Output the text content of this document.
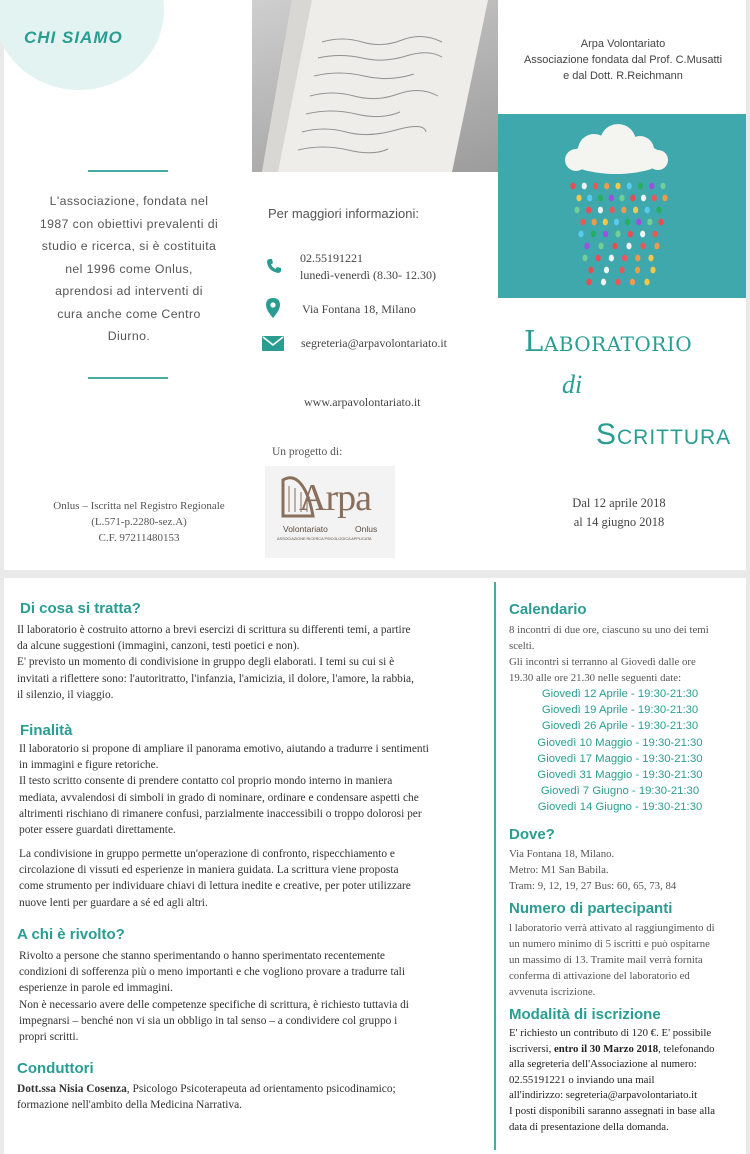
CHI SIAMO
L'associazione, fondata nel
1987 con obiettivi prevalenti di
studio e ricerca, si è costituita
nel 1996 come Onlus,
aprendosi ad interventi di
cura anche come Centro
Diurno.
Onlus – Iscritta nel Registro Regionale
(L.571-p.2280-sez.A)
C.F. 97211480153
Per maggiori informazioni:
02.55191221
lunedì-venerdì (8.30- 12.30)
Via Fontana 18, Milano
segreteria@arpavolontariato.it
www.arpavolontariato.it
Un progetto di:
Arpa
Volontariato	Onlus
ASSOCIAZIONE RICERCA PSICOLOGICA APPLICATA
Arpa Volontariato
Associazione fondata dal Prof. C.Musatti
e dal Dott. R.Reichmann
Laboratorio
di
Scrittura
Dal 12 aprile 2018
al 14 giugno 2018
Di cosa si tratta?

Il laboratorio è costruito attorno a brevi esercizi di scrittura su differenti temi, a partire

da alcune suggestioni (immagini, canzoni, testi poetici e non).

E' previsto un momento di condivisione in gruppo degli elaborati. I temi su cui si è

invitati a riflettere sono: l'autoritratto, l'infanzia, l'amicizia, il dolore, l'amore, la rabbia,

il silenzio, il viaggio.

Finalità

Il laboratorio si propone di ampliare il panorama emotivo, aiutando a tradurre i sentimenti

in immagini e figure retoriche.

Il testo scritto consente di prendere contatto col proprio mondo interno in maniera

mediata, avvalendosi di simboli in grado di nominare, ordinare e condensare aspetti che

altrimenti rischiano di rimanere confusi, parzialmente inaccessibili o troppo dolorosi per

poter essere guardati direttamente.

La condivisione in gruppo permette un'operazione di confronto, rispecchiamento e

circolazione di vissuti ed esperienze in maniera guidata. La scrittura viene proposta

come strumento per individuare chiavi di lettura inedite e creative, per poter utilizzare

nuove lenti per guardare a sé ed agli altri.

A chi è rivolto?

Rivolto a persone che stanno sperimentando o hanno sperimentato recentemente

condizioni di sofferenza più o meno importanti e che vogliono provare a tradurre tali

esperienze in parole ed immagini.

Non è necessario avere delle competenze specifiche di scrittura, è richiesto tuttavia di

impegnarsi – benché non vi sia un obbligo in tal senso – a condividere col gruppo i

propri scritti.

Conduttori

Dott.ssa Nisia Cosenza, Psicologo Psicoterapeuta ad orientamento psicodinamico;

formazione nell'ambito della Medicina Narrativa.

Calendario

8 incontri di due ore, ciascuno su uno dei temi

scelti.

Gli incontri si terranno al Giovedì dalle ore

19.30 alle ore 21.30 nelle seguenti date:

Giovedì 12 Aprile - 19:30-21:30
Giovedì 19 Aprile - 19:30-21:30
Giovedì 26 Aprile - 19:30-21:30
Giovedì 10 Maggio - 19:30-21:30
Giovedì 17 Maggio - 19:30-21:30
Giovedì 31 Maggio - 19:30-21:30
Giovedì 7 Giugno - 19:30-21:30
Giovedì 14 Giugno - 19:30-21:30
Dove?

Via Fontana 18, Milano.

Metro: M1 San Babila.

Tram: 9, 12, 19, 27 Bus: 60, 65, 73, 84

Numero di partecipanti

l laboratorio verrà attivato al raggiungimento di

un numero minimo di 5 iscritti e può ospitarne

un massimo di 13. Tramite mail verrà fornita

conferma di attivazione del laboratorio ed

avvenuta iscrizione.

Modalità di iscrizione

E' richiesto un contributo di 120 €. E' possibile

iscriversi, entro il 30 Marzo 2018, telefonando

alla segreteria dell'Associazione al numero:

02.55191221 o inviando una mail

all'indirizzo: segreteria@arpavolontariato.it

I posti disponibili saranno assegnati in base alla

data di presentazione della domanda.
